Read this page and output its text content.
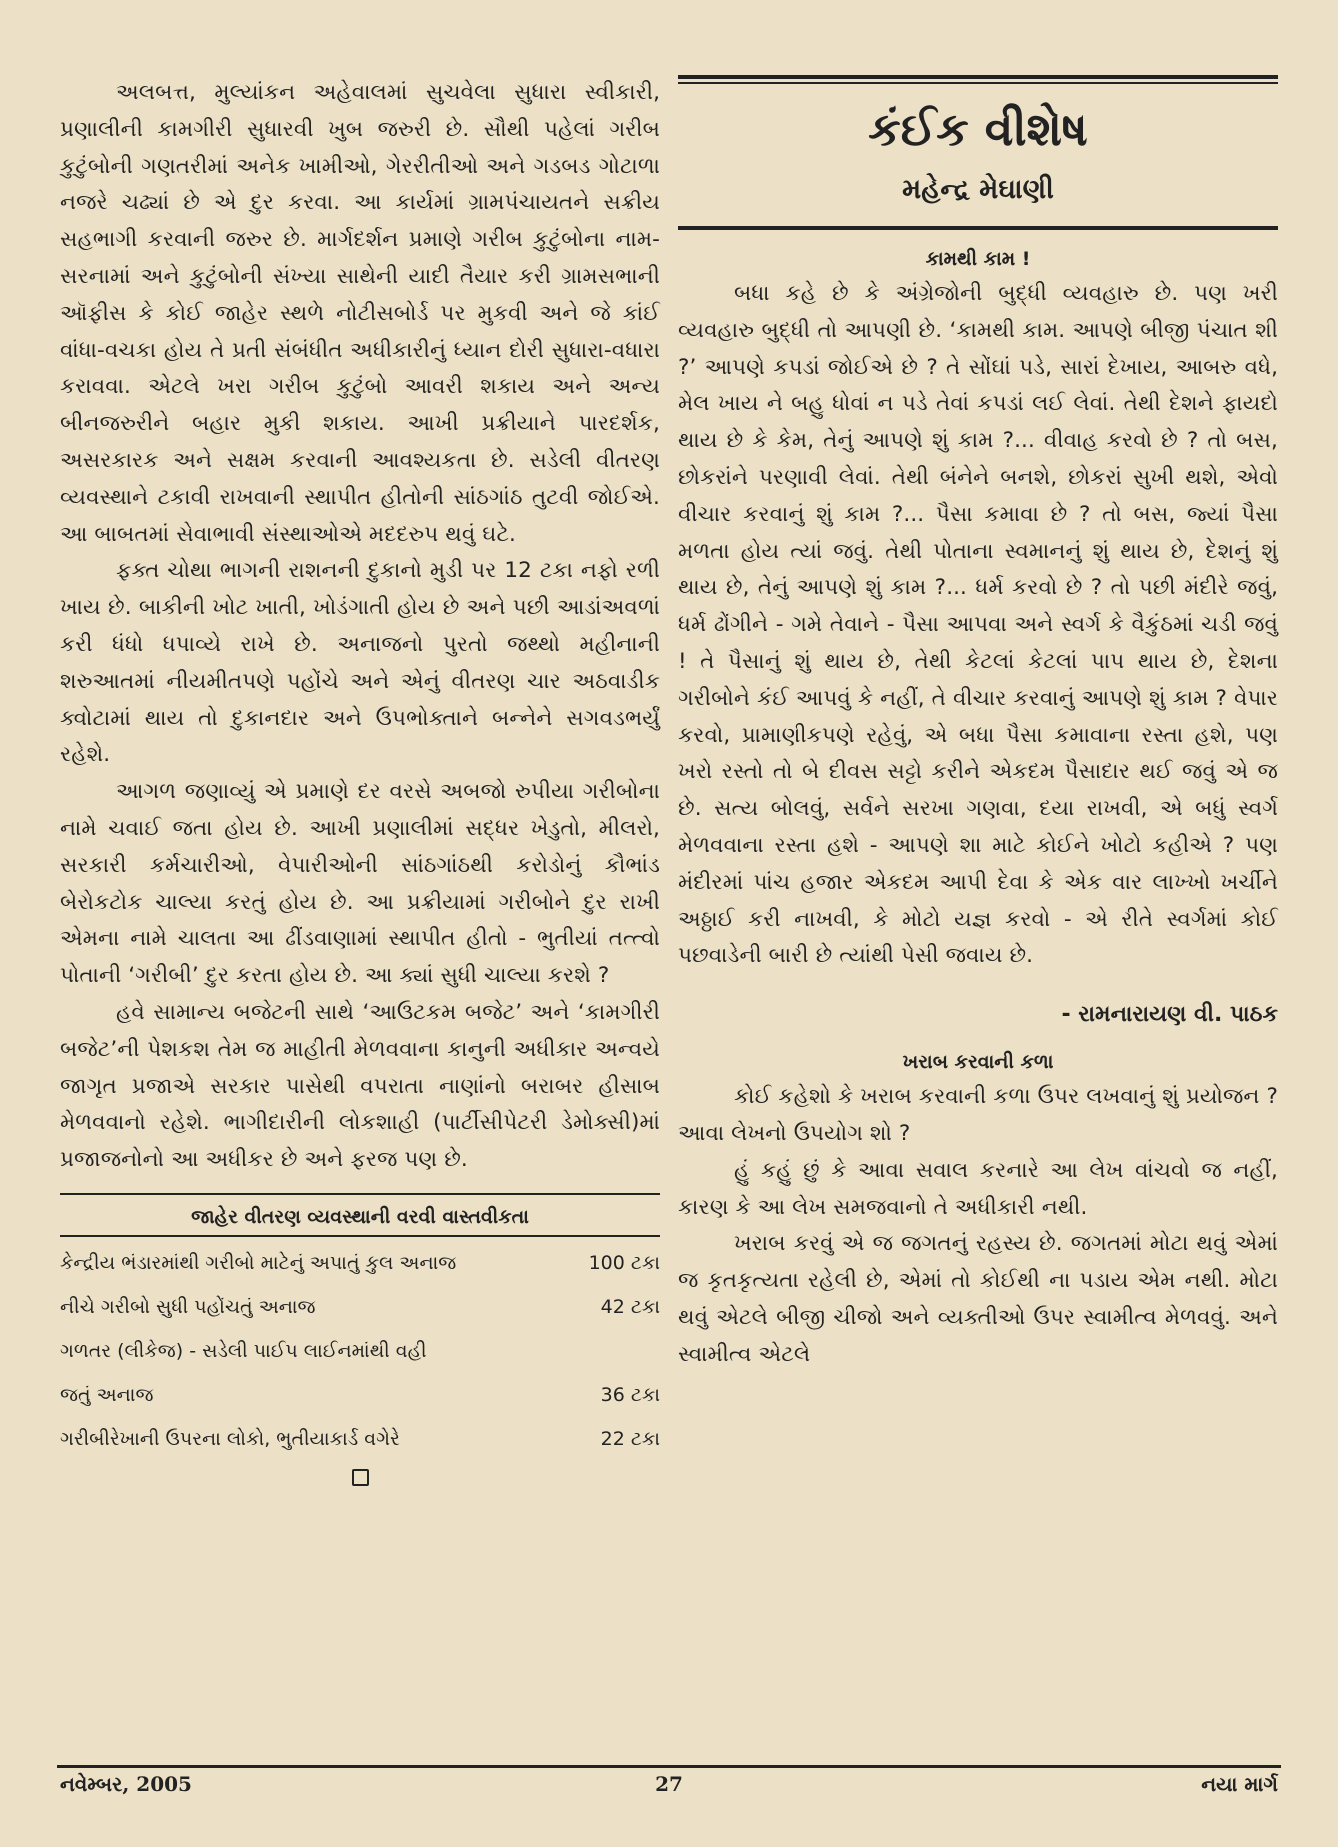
અલબત્ત, મુલ્યાંકન અહેવાલમાં સુચવેલા સુધારા સ્વીકારી, પ્રણાલીની કામગીરી સુધારવી ખુબ જરુરી છે. સૌથી પહેલાં ગરીબ કુટુંબોની ગણતરીમાં અનેક ખામીઓ, ગેરરીતીઓ અને ગડબડ ગોટાળા નજરે ચઢ્યાં છે એ દુર કરવા. આ કાર્યમાં ગ્રામપંચાયતને સક્રીય સહભાગી કરવાની જરુર છે. માર્ગદર્શન પ્રમાણે ગરીબ કુટુંબોના નામ-સરનામાં અને કુટુંબોની સંખ્યા સાથેની યાદી તૈયાર કરી ગ્રામસભાની ઑફીસ કે કોઈ જાહેર સ્થળે નોટીસબોર્ડ પર મુકવી અને જે કાંઈ વાંધા-વચકા હોય તે પ્રતી સંબંધીત અધીકારીનું ધ્યાન દોરી સુધારા-વધારા કરાવવા. એટલે ખરા ગરીબ કુટુંબો આવરી શકાય અને અન્ય બીનજરુરીને બહાર મુકી શકાય. આખી પ્રક્રીયાને પારદર્શક, અસરકારક અને સક્ષમ કરવાની આવશ્યકતા છે. સડેલી વીતરણ વ્યવસ્થાને ટકાવી રાખવાની સ્થાપીત હીતોની સાંઠગાંઠ તુટવી જોઈએ. આ બાબતમાં સેવાભાવી સંસ્થાઓએ મદદરુપ થવું ઘટે.

ફક્ત ચોથા ભાગની રાશનની દુકાનો મુડી પર 12 ટકા નફો રળી ખાય છે. બાકીની ખોટ ખાતી, ખોડંગાતી હોય છે અને પછી આડાંઅવળાં કરી ધંધો ધપાવ્યે રાખે છે. અનાજનો પુરતો જથ્થો મહીનાની શરુઆતમાં નીયમીતપણે પહોંચે અને એનું વીતરણ ચાર અઠવાડીક ક્વોટામાં થાય તો દુકાનદાર અને ઉપભોક્તાને બન્નેને સગવડભર્યું રહેશે.

આગળ જણાવ્યું એ પ્રમાણે દર વરસે અબજો રુપીયા ગરીબોના નામે ચવાઈ જતા હોય છે. આખી પ્રણાલીમાં સદ્ધર ખેડુતો, મીલરો, સરકારી કર્મચારીઓ, વેપારીઓની સાંઠગાંઠથી કરોડોનું કૌભાંડ બેરોકટોક ચાલ્યા કરતું હોય છે. આ પ્રક્રીયામાં ગરીબોને દુર રાખી એમના નામે ચાલતા આ ઢીંડવાણામાં સ્થાપીત હીતો - ભુતીયાં તત્ત્વો પોતાની ‘ગરીબી’ દુર કરતા હોય છે. આ ક્યાં સુધી ચાલ્યા કરશે ?

હવે સામાન્ય બજેટની સાથે ‘આઉટકમ બજેટ’ અને ‘કામગીરી બજેટ’ની પેશકશ તેમ જ માહીતી મેળવવાના કાનુની અધીકાર અન્વયે જાગૃત પ્રજાએ સરકાર પાસેથી વપરાતા નાણાંનો બરાબર હીસાબ મેળવવાનો રહેશે. ભાગીદારીની લોકશાહી (પાર્ટીસીપેટરી ડેમોક્સી)માં પ્રજાજનોનો આ અધીકર છે અને ફરજ પણ છે.

જાહેર વીતરણ વ્યવસ્થાની વરવી વાસ્તવીકતા
કેન્દ્રીય ભંડારમાંથી ગરીબો માટેનું અપાતું કુલ અનાજ	100 ટકા
નીચે ગરીબો સુધી પહોંચતું અનાજ	42 ટકા
ગળતર (લીકેજ) - સડેલી પાઈપ લાઈનમાંથી વહી
જતું અનાજ	36 ટકા
ગરીબીરેખાની ઉપરના લોકો, ભુતીયાકાર્ડ વગેરે	22 ટકા
કંઈક વીશેષ
મહેન્દ્ર મેઘાણી
કામથી કામ !

બધા કહે છે કે અંગ્રેજોની બુદ્ધી વ્યવહારુ છે. પણ ખરી વ્યવહારુ બુદ્ધી તો આપણી છે. ‘કામથી કામ. આપણે બીજી પંચાત શી ?’ આપણે કપડાં જોઈએ છે ? તે સોંઘાં પડે, સારાં દેખાય, આબરુ વધે, મેલ ખાય ને બહુ ધોવાં ન પડે તેવાં કપડાં લઈ લેવાં. તેથી દેશને ફાયદો થાય છે કે કેમ, તેનું આપણે શું કામ ?... વીવાહ કરવો છે ? તો બસ, છોકરાંને પરણાવી લેવાં. તેથી બંનેને બનશે, છોકરાં સુખી થશે, એવો વીચાર કરવાનું શું કામ ?... પૈસા કમાવા છે ? તો બસ, જ્યાં પૈસા મળતા હોય ત્યાં જવું. તેથી પોતાના સ્વમાનનું શું થાય છે, દેશનું શું થાય છે, તેનું આપણે શું કામ ?... ધર્મ કરવો છે ? તો પછી મંદીરે જવું, ધર્મ ઢોંગીને - ગમે તેવાને - પૈસા આપવા અને સ્વર્ગ કે વૈકુંઠમાં ચડી જવું ! તે પૈસાનું શું થાય છે, તેથી કેટલાં કેટલાં પાપ થાય છે, દેશના ગરીબોને કંઈ આપવું કે નહીં, તે વીચાર કરવાનું આપણે શું કામ ? વેપાર કરવો, પ્રામાણીકપણે રહેવું, એ બધા પૈસા કમાવાના રસ્તા હશે, પણ ખરો રસ્તો તો બે દીવસ સટ્ટો કરીને એકદમ પૈસાદાર થઈ જવું એ જ છે. સત્ય બોલવું, સર્વને સરખા ગણવા, દયા રાખવી, એ બધું સ્વર્ગ મેળવવાના રસ્તા હશે - આપણે શા માટે કોઈને ખોટો કહીએ ? પણ મંદીરમાં પાંચ હજાર એકદમ આપી દેવા કે એક વાર લાખ્ખો ખર્ચીને અઠ્ઠાઈ કરી નાખવી, કે મોટો યજ્ઞ કરવો - એ રીતે સ્વર્ગમાં કોઈ પછવાડેની બારી છે ત્યાંથી પેસી જવાય છે.

- રામનારાયણ વી. પાઠક
ખરાબ કરવાની કળા

કોઈ કહેશો કે ખરાબ કરવાની કળા ઉપર લખવાનું શું પ્રયોજન ? આવા લેખનો ઉપયોગ શો ?

હું કહું છું કે આવા સવાલ કરનારે આ લેખ વાંચવો જ નહીં, કારણ કે આ લેખ સમજવાનો તે અધીકારી નથી.

ખરાબ કરવું એ જ જગતનું રહસ્ય છે. જગતમાં મોટા થવું એમાં જ કૃતકૃત્યતા રહેલી છે, એમાં તો કોઈથી ના પડાય એમ નથી. મોટા થવું એટલે બીજી ચીજો અને વ્યક્તીઓ ઉપર સ્વામીત્વ મેળવવું. અને સ્વામીત્વ એટલે

નવેમ્બર, 2005	27	નયા માર્ગ
